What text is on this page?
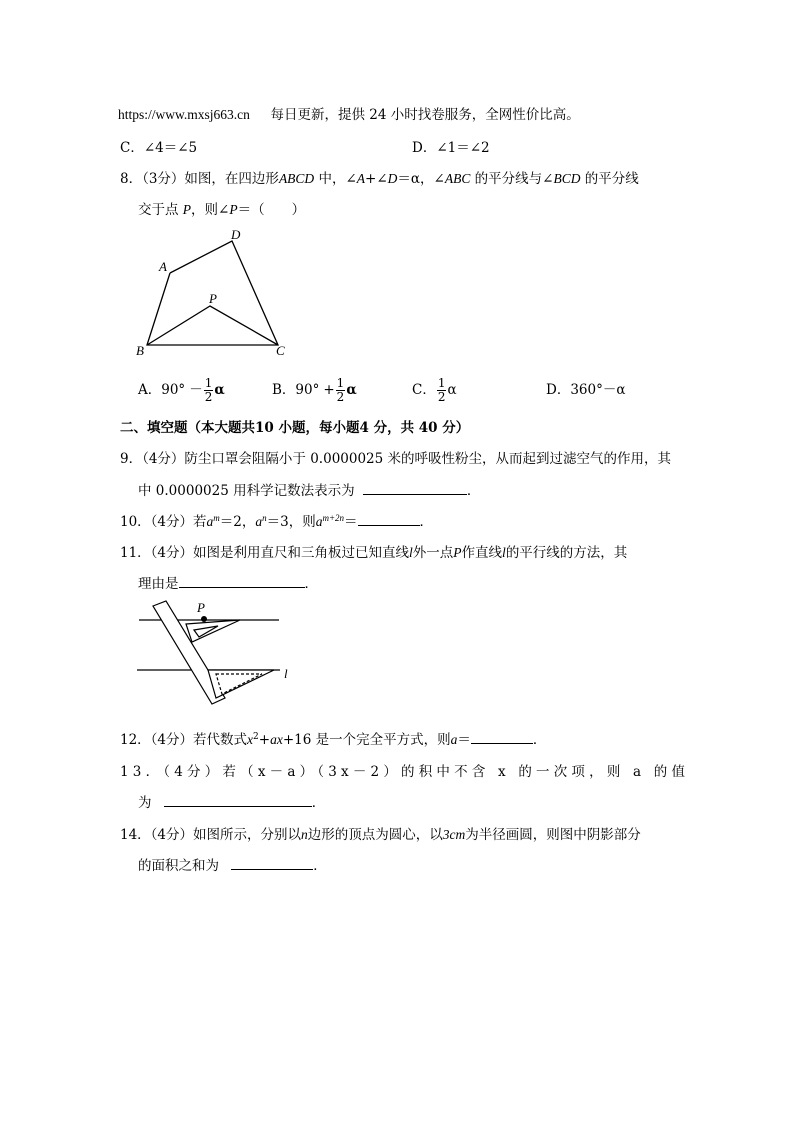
https://www.mxsj663.cn 每日更新，提供 24 小时找卷服务，全网性价比高。
C．∠4＝∠5	D．∠1＝∠2
8．（3分）如图，在四边形ABCD 中，∠A+∠D＝α，∠ABC 的平分线与∠BCD 的平分线
交于点 P，则∠P＝（　　）
A
D
P
B	C
A．$90^\circ - \frac{1}{2}$ α	B．$90^\circ + \frac{1}{2}$ α	C． $\frac{1}{2}$ α	D．360°－α
二、填空题（本大题共10 小题，每小题4 分，共 40 分）
9．（4分）防尘口罩会阻隔小于 0.0000025 米的呼吸性粉尘，从而起到过滤空气的作用，其
中 0.0000025 用科学记数法表示为	．
10．（4分）若$a^m=2$，$a^n=3$，则$a^{m+2n}=$	．
11．（4分）如图是利用直尺和三角板过已知直线l外一点P作直线l的平行线的方法，其
理由是	．
P
l
12．（4分）若代数式$x^2+ax+16$ 是一个完全平方式，则a＝	．
13．（4分）若（x－a）（3x－2）的积中不含 x 的一次项，则 a 的值
为	．
14．（4分）如图所示，分别以n边形的顶点为圆心，以3cm为半径画圆，则图中阴影部分
的面积之和为	．
